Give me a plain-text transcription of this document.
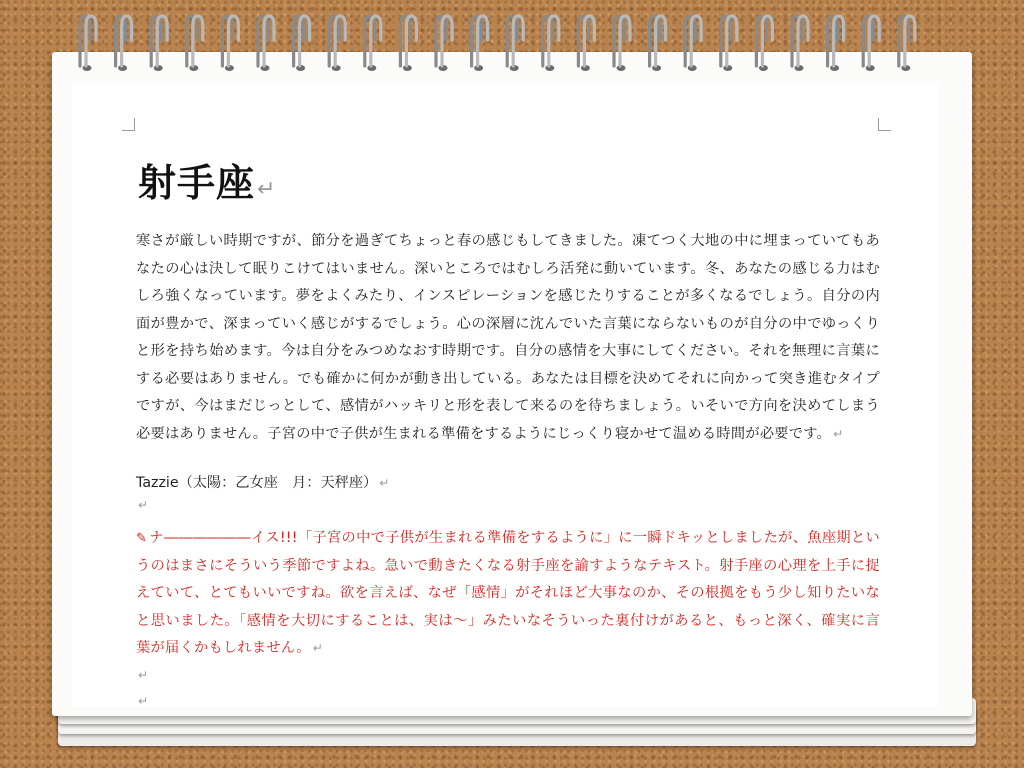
射手座↵

寒さが厳しい時期ですが、節分を過ぎてちょっと春の感じもしてきました。凍てつく大地の中に埋まっていてもあなたの心は決して眠りこけてはいません。深いところではむしろ活発に動いています。冬、あなたの感じる力はむしろ強くなっています。夢をよくみたり、インスピレーションを感じたりすることが多くなるでしょう。自分の内面が豊かで、深まっていく感じがするでしょう。心の深層に沈んでいた言葉にならないものが自分の中でゆっくりと形を持ち始めます。今は自分をみつめなおす時期です。自分の感情を大事にしてください。それを無理に言葉にする必要はありません。でも確かに何かが動き出している。あなたは目標を決めてそれに向かって突き進むタイプですが、今はまだじっとして、感情がハッキリと形を表して来るのを待ちましょう。いそいで方向を決めてしまう必要はありません。子宮の中で子供が生まれる準備をするようにじっくり寝かせて温める時間が必要です。 ↵

Tazzie（太陽：乙女座　月：天秤座） ↵

↵

✎ ナ――――――イス!!!「子宮の中で子供が生まれる準備をするように」に一瞬ドキッとしましたが、魚座期というのはまさにそういう季節ですよね。急いで動きたくなる射手座を諭すようなテキスト。射手座の心理を上手に捉えていて、とてもいいですね。欲を言えば、なぜ「感情」がそれほど大事なのか、その根拠をもう少し知りたいなと思いました。「感情を大切にすることは、実は～」みたいなそういった裏付けがあると、もっと深く、確実に言葉が届くかもしれません。 ↵

↵
↵
